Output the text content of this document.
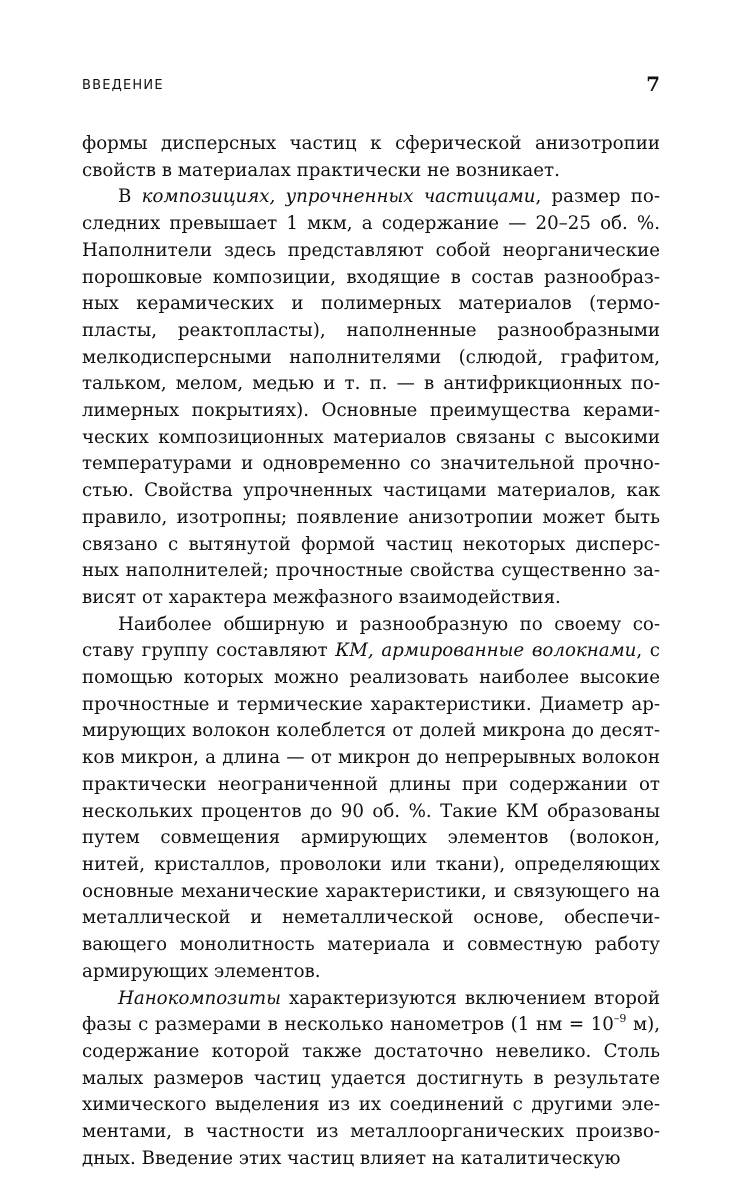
ВВЕДЕНИЕ	7

формы дисперсных частиц к сферической анизотропии свойств в материалах практически не возникает.

В композициях, упрочненных частицами, размер последних превышает 1 мкм, а содержание — 20–25 об. %. Наполнители здесь представляют собой неорганические порошковые композиции, входящие в состав разнообразных керамических и полимерных материалов (термопласты, реактопласты), наполненные разнообразными мелкодисперсными наполнителями (слюдой, графитом, тальком, мелом, медью и т. п. — в антифрикционных полимерных покрытиях). Основные преимущества керамических композиционных материалов связаны с высокими температурами и одновременно со значительной прочностью. Свойства упрочненных частицами материалов, как правило, изотропны; появление анизотропии может быть связано с вытянутой формой частиц некоторых дисперсных наполнителей; прочностные свойства существенно зависят от характера межфазного взаимодействия.

Наиболее обширную и разнообразную по своему составу группу составляют КМ, армированные волокнами, с помощью которых можно реализовать наиболее высокие прочностные и термические характеристики. Диаметр армирующих волокон колеблется от долей микрона до десятков микрон, а длина — от микрон до непрерывных волокон практически неограниченной длины при содержании от нескольких процентов до 90 об. %. Такие КМ образованы путем совмещения армирующих элементов (волокон, нитей, кристаллов, проволоки или ткани), определяющих основные механические характеристики, и связующего на металлической и неметаллической основе, обеспечивающего монолитность материала и совместную работу армирующих элементов.

Нанокомпозиты характеризуются включением второй фазы с размерами в несколько нанометров (1 нм = $10^{-9}$ м), содержание которой также достаточно невелико. Столь малых размеров частиц удается достигнуть в результате химического выделения из их соединений с другими элементами, в частности из металлоорганических производных. Введение этих частиц влияет на каталитическую
